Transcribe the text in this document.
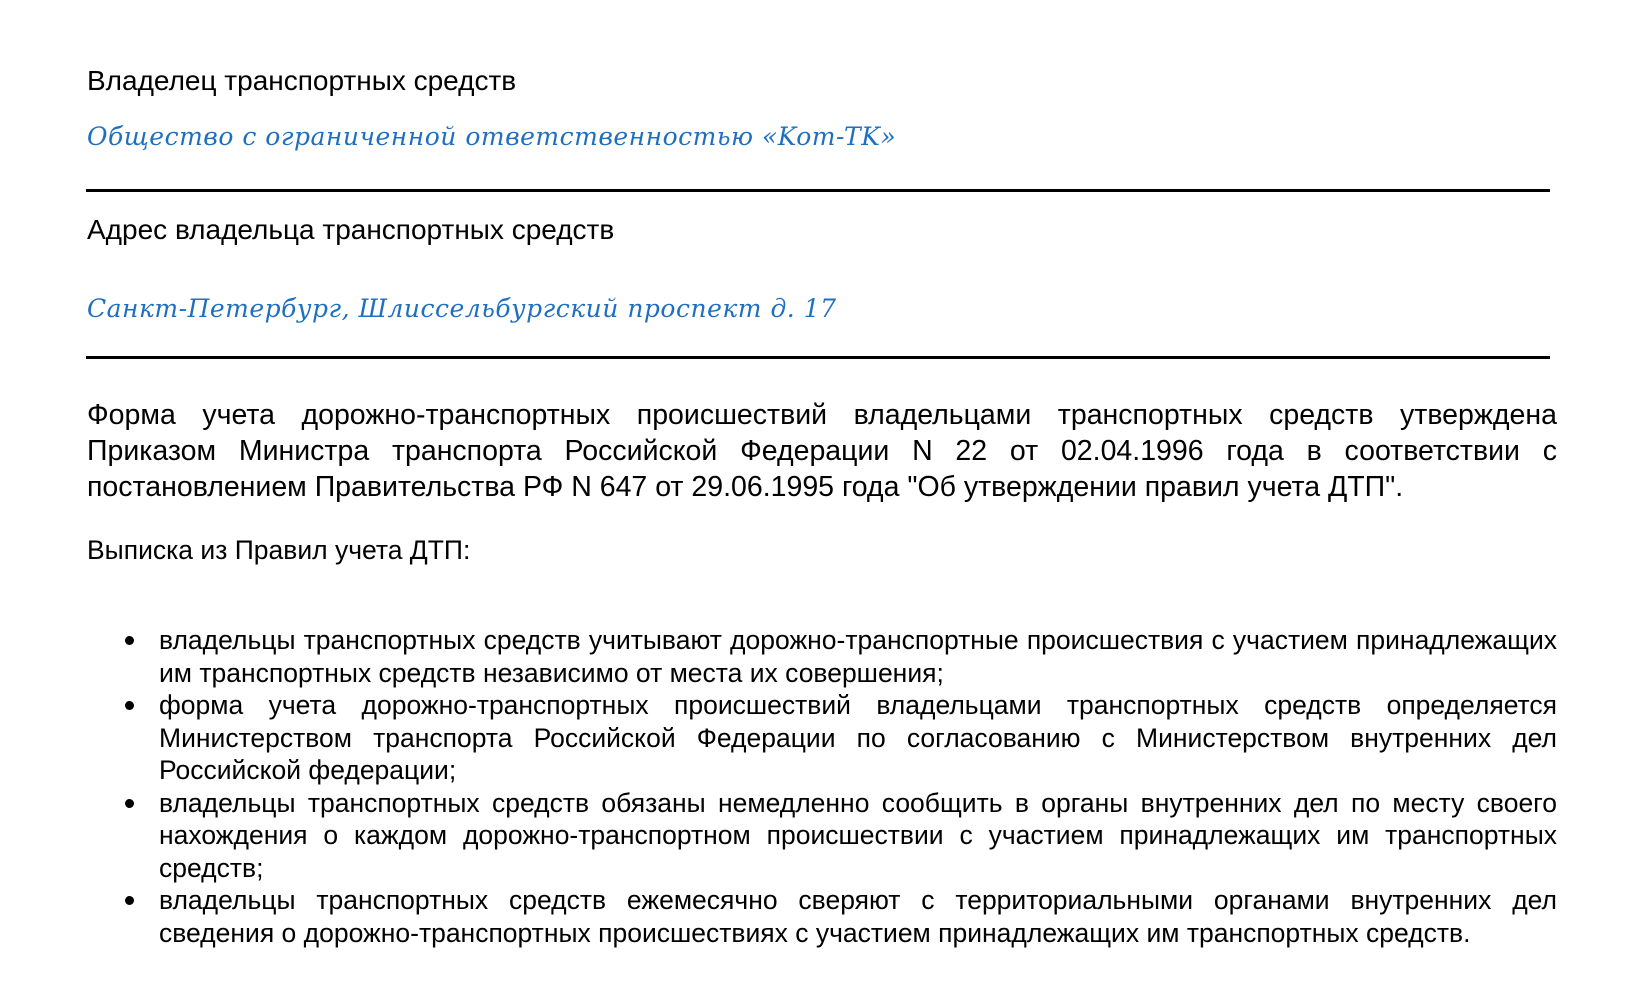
Владелец транспортных средств
Общество с ограниченной ответственностью «Kom-TK»
Адрес владельца транспортных средств
Санкт-Петербург, Шлиссельбургский проспект д. 17
Форма учета дорожно-транспортных происшествий владельцами транспортных средств утверждена Приказом Министра транспорта Российской Федерации N 22 от 02.04.1996 года в соответствии с постановлением Правительства РФ N 647 от 29.06.1995 года "Об утверждении правил учета ДТП".
Выписка из Правил учета ДТП:
владельцы транспортных средств учитывают дорожно-транспортные происшествия с участием принадлежащих им транспортных средств независимо от места их совершения;
форма учета дорожно-транспортных происшествий владельцами транспортных средств определяется Министерством транспорта Российской Федерации по согласованию с Министерством внутренних дел Российской федерации;
владельцы транспортных средств обязаны немедленно сообщить в органы внутренних дел по месту своего нахождения о каждом дорожно-транспортном происшествии с участием принадлежащих им транспортных средств;
владельцы транспортных средств ежемесячно сверяют с территориальными органами внутренних дел сведения о дорожно-транспортных происшествиях с участием принадлежащих им транспортных средств.
